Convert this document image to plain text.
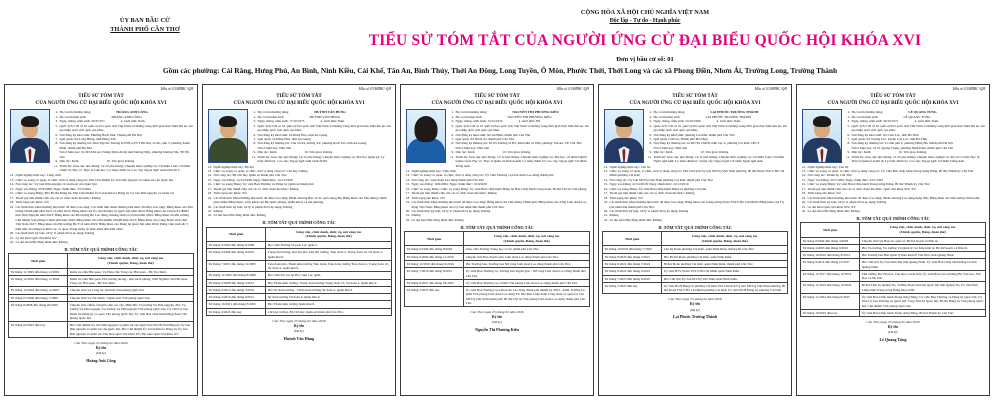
ỦY BAN BẦU CỬ
THÀNH PHỐ CẦN THƠ
CỘNG HÒA XÃ HỘI CHỦ NGHĨA VIỆT NAM
Độc lập - Tự do - Hạnh phúc
TIỂU SỬ TÓM TẮT CỦA NGƯỜI ỨNG CỬ ĐẠI BIỂU QUỐC HỘI KHÓA XVI
Đơn vị bầu cử số: 01
Gồm các phường: Cái Răng, Hưng Phú, An Bình, Ninh Kiều, Cái Khế, Tân An, Bình Thủy, Thới An Đông, Long Tuyền, Ô Môn, Phước Thới, Thới Long và các xã Phong Điền, Nhơn Ái, Trường Long, Trường Thành
Mẫu số 03/HĐBC-QH
TIỂU SỬ TÓM TẮT
CỦA NGƯỜI ỨNG CỬ ĐẠI BIỂU QUỐC HỘI KHÓA XVI
1. Họ và tên thường dùng	HOÀNG ANH CÔNG
2. Họ và tên khai sinh	HOÀNG ANH CÔNG
3. Ngày, tháng, năm sinh: 20/3/1971	4. Giới tính: Nam.
5. Quốc tịch: Chỉ có 01 quốc tịch là quốc tịch Việt Nam và không trong thời gian thực hiện thủ tục xin gia nhập quốc tịch quốc gia khác.
6. Nơi đăng ký khai sinh: Phường Bạch Mai, Thành phố Hà Nội
7. Quê quán: Xã Long Hưng, tỉnh Hưng Yên
8. Nơi đăng ký thường trú: Khu Tập thể Trường KTNN-GTVT Hà Nội, số 40, cụm 3, phường Xuân Đỉnh, thành phố Hà Nội
Nơi ở hiện nay: Số D3/L84 An Vượng (Khu đô thị mới Dương Nội), phường Dương Nội, TP. Hà Nội
9. Dân tộc: Kinh	10. Tôn giáo: Không
11. Trình độ: Giáo dục phổ thông: 12/12 phổ thông; Chuyên môn, nghiệp vụ: Cử nhân Luật; Cử nhân chính trị; Học vị: Thạc sĩ Luật học; Lý luận chính trị: Cao cấp; Ngoại ngữ: Anh trình độ C.
12. Nghề nghiệp hiện nay: Công chức
13. Chức vụ trong cơ quan, tổ chức, đơn vị đang công tác: Phó Chủ nhiệm Ủy ban Dân nguyện và Giám sát của Quốc hội
14. Nơi công tác: Ủy ban Dân nguyện và Giám sát của Quốc hội
15. Ngày vào Đảng: 25/9/2000; Ngày chính thức: 25/5/2001
16. Chức vụ trong Đảng: Phó Bí thư Đảng bộ, Phó Chủ nhiệm Ủy ban Kiểm tra Đảng ủy Ủy ban Dân nguyện và Giám sát
17. Tham gia làm thành viên của các tổ chức đoàn thể khác: Không
18. Tình trạng sức khỏe: Tốt
19. Các hình thức khen thưởng nhà nước đã được trao tặng: Các hình thức khen thưởng nhà nước đã được trao tặng: Bằng khen của Thủ tướng Chính phủ năm 2021 và năm 2023; Bằng khen của Ủy ban thường vụ Quốc hội năm 2024; Bằng khen của Chủ tịch UBND tỉnh Thái Nguyên năm 2023; Bằng khen của Bộ trưởng Bộ Lao động, thương binh và xã hội năm 2024; Bằng khen của Bộ trưởng Chủ nhiệm Văn phòng Chính phủ năm 2020; Bằng khen của Chủ nhiệm VPQH năm 2013; Bằng khen của Công Đoàn viên chức Việt Nam 2017; Bằng khen của Bộ trưởng Bộ Y tế năm 2019; Bằng khen của Đảng bộ Quốc hội năm 2024; Đảng viên xuất sắc 5 năm liền của Đảng bộ khối các cơ quan Trung ương về năm 2024 đến năm 2022.
20. Các hình thức kỷ luật, xử lý vi phạm đã bị áp dụng: Không
21. Là đại biểu Quốc hội khóa XV
22. Là đại biểu Hội đồng nhân dân: Không
II. TÓM TẮT QUÁ TRÌNH CÔNG TÁC
Thời gian	Công việc, chức danh, chức vụ, nơi công tác
(Chính quyền, Đảng, đoàn thể)
Từ tháng 11/1995 đến tháng 12/2002	Kiểm tra viên Hải quan, Vụ Pháp chế, Tổng cục Hải quan - Bộ Tài chính.
Từ tháng 12/2002 đến tháng 11/2004	Kiểm tra viên Hải quan, Phó trưởng phòng - phụ trách phòng, Viện Nghiên cứu Hải quan, Tổng cục Hải quan - Bộ Tài chính.
Từ tháng 12/2004 đến tháng 12/2007	Chuyên viên Vụ Công tác đại biểu Văn phòng Quốc hội.
Từ tháng 01/2008 đến tháng 7/2008	Chuyên viên Vụ Tài chính - Ngân sách Văn phòng Quốc hội.
Từ tháng 8/2008 đến tháng 02/2020	Chuyên viên chính, Chuyên viên cao cấp, Hàm Phó Vụ trưởng Vụ Dân nguyện, Phó Vụ trưởng Vụ Dân nguyện, Vụ trưởng Vụ Dân nguyện Văn phòng Quốc hội, Ủy viên Ủy ban Kiểm tra Đảng ủy cơ quan Văn phòng Quốc hội, Ủy viên Ban chấp hành Đảng đoàn Văn phòng Quốc hội.
Từ tháng 02/2025 đến nay	Phó Chủ nhiệm Ủy ban Dân nguyện và giám sát của Quốc hội, Phó Bí thư Đảng ủy Ủy ban Dân nguyện và giám sát của Quốc hội, Phó Chủ nhiệm Ủy ban Kiểm tra Đảng ủy Ủy ban Dân nguyện và giám sát, Đại biểu Quốc hội khóa XV, Đại biểu Quốc hội khóa XV.
Cần Thơ, ngày 25 tháng 02 năm 2026
Ký tên
(Đã ký)
Hoàng Anh Công
Mẫu số 03/HĐBC-QH
TIỂU SỬ TÓM TẮT
CỦA NGƯỜI ỨNG CỬ ĐẠI BIỂU QUỐC HỘI KHÓA XVI
1. Họ và tên thường dùng	HUỲNH VĂN HÙNG
2. Họ và tên khai sinh	HUỲNH VĂN HÙNG
3. Ngày, tháng, năm sinh: 17/10/1975	4. Giới tính: Nam.
5. Quốc tịch: Chỉ có 01 quốc tịch là quốc tịch Việt Nam và không trong thời gian thực hiện thủ tục xin gia nhập quốc tịch quốc gia khác.
6. Nơi đăng ký khai sinh: xã Đồng Hòa, tỉnh An Giang
7. Quê quán: xã Đồng Hòa, tỉnh An Giang
8. Nơi đăng ký thường trú: Căn 5b-P4, đường 3/2, phường Rạch Giá, tỉnh An Giang
Nơi ở hiện nay: Như trên
9. Dân tộc: Kinh	10. Tôn giáo: Không
11. Trình độ: Giáo dục phổ thông: 12/12 phổ thông; Chuyên môn, nghiệp vụ: Đại học Quân sự; Lý luận chính trị: Cao cấp; Ngoại ngữ: Anh trình độ B1.
12. Nghề nghiệp hiện nay: Bộ đội
13. Chức vụ trong cơ quan, tổ chức, đơn vị đang công tác: Chỉ huy trưởng
14. Nơi công tác: Bộ Chỉ huy Quân sự thành phố Cần Thơ
15. Ngày vào Đảng: 14/12/1998; Ngày chính thức: 14/12/1999
16. Chức vụ trong Đảng: Ủy viên Ban Thường vụ Đảng ủy Quân sự thành phố
17. Tham gia làm thành viên của các tổ chức đoàn thể khác: Không
18. Tình trạng sức khỏe: Tốt
19. Các hình thức khen thưởng nhà nước đã được trao tặng: Huân chương Bảo vệ Tổ quốc hạng Ba; Bằng khen của Thủ tướng Chính phủ; nhiều Bằng khen, Giấy khen của Bộ Quốc phòng, Quân khu 9 và địa phương.
20. Các hình thức kỷ luật, xử lý vi phạm đã bị áp dụng: Không
21. Không
22. Là đại biểu Hội đồng nhân dân: Không
II. TÓM TẮT QUÁ TRÌNH CÔNG TÁC
Thời gian	Công việc, chức danh, chức vụ, nơi công tác
(Chính quyền, Đảng, đoàn thể)
Từ tháng 9/1993 đến tháng 8/1996	Học viên Trường Sĩ quan Lục quân 2.
Từ tháng 9/1996 đến tháng 6/2001	Trung đội trưởng, Đại đội phó, Đại đội trưởng, Tiểu đoàn 2, Trung đoàn 10, Sư đoàn 4, Quân khu 9.
Từ tháng 7/2001 đến tháng 10/2005	Tiểu đoàn phó, Tham mưu trưởng Tiểu đoàn, Tiểu đoàn trưởng Tiểu đoàn 2, Trung đoàn 10, Sư đoàn 4, Quân khu 9.
Từ tháng 11/2005 đến tháng 8/2008	Học viên đào tạo tại Học viện Lục quân.
Từ tháng 9/2008 đến tháng 5/2012	Phó Tham mưu trưởng, Trung đoàn trưởng Trung đoàn 10, Sư đoàn 4, Quân khu 9.
Từ tháng 6/2012 đến tháng 3/2016	Phó Sư đoàn trưởng - Tham mưu trưởng Sư đoàn 4, Quân khu 9.
Từ tháng 4/2016 đến tháng 9/2021	Sư đoàn trưởng Sư đoàn 4, Quân khu 9.
Từ tháng 10/2021 đến tháng 3/2025	Phó Tham mưu trưởng Quân khu 9.
Từ tháng 4/2025 đến nay	Chỉ huy trưởng, Bộ Chỉ huy Quân sự thành phố Cần Thơ.
Cần Thơ, ngày 25 tháng 02 năm 2026
Ký tên
(Đã ký)
Huỳnh Văn Hùng
Mẫu số 03/HĐBC-QH
TIỂU SỬ TÓM TẮT
CỦA NGƯỜI ỨNG CỬ ĐẠI BIỂU QUỐC HỘI KHÓA XVI
1. Họ và tên thường dùng	NGUYỄN THỊ PHƯƠNG KIỀU
2. Họ và tên khai sinh	NGUYỄN THỊ PHƯƠNG KIỀU
3. Ngày, tháng, năm sinh: 13/12/1976	4. Giới tính: Nữ.
5. Quốc tịch: Chỉ có 01 quốc tịch là quốc tịch Việt Nam và không trong thời gian thực hiện thủ tục xin gia nhập quốc tịch quốc gia khác.
6. Nơi đăng ký khai sinh: Xã An Bình, thành phố Cần Thơ
7. Quê quán: Xã Nhơn Ái, thành phố Cần Thơ
8. Nơi đăng ký thường trú: Số 83, Đường số B3, Khu Dân cư 91B, phường Tân An, TP. Cần Thơ
Nơi ở hiện nay: Như trên
9. Dân tộc: Kinh	10. Tôn giáo: Không
11. Trình độ: Giáo dục phổ thông: 12/12 phổ thông; Chuyên môn, nghiệp vụ: Đại học, cử nhân Người nghèo Luật; Học vị: Thạc sĩ Quản trị kinh doanh; Lý luận chính trị: Cao cấp; Ngoại ngữ: Cử nhân Tiếng Anh.
12. Nghề nghiệp hiện nay: Viên chức
13. Chức vụ trong cơ quan, tổ chức, đơn vị đang công tác: Ủy viên Thường vụ Liên đoàn Lao động thành phố
14. Nơi công tác: Liên đoàn Lao động thành phố Cần Thơ
15. Ngày vào Đảng: 10/9/2004; Ngày chính thức: 10/9/2005
16. Chức vụ trong Đảng: Chức vụ trong Đảng: Ủy viên Ban Chấp hành Đảng bộ Ban Chấp hành Công đoàn, Bí thư Chi bộ Văn phòng
17. Tham gia làm thành viên của các tổ chức đoàn thể khác: Không
18. Tình trạng sức khỏe: Tốt
19. Các hình thức khen thưởng nhà nước đã được trao tặng: Bằng khen của Thủ tướng Chính phủ; Bằng khen của Tổng Liên đoàn Lao động Việt Nam; Bằng khen của Ủy ban nhân dân thành phố Cần Thơ.
20. Các hình thức kỷ luật, xử lý vi phạm đã bị áp dụng: Không
21. Không
22. Là đại biểu Hội đồng nhân dân: Không
II. TÓM TẮT QUÁ TRÌNH CÔNG TÁC
Thời gian	Công việc, chức danh, chức vụ, nơi công tác
(Chính quyền, Đảng, đoàn thể)
Từ tháng 9/1999 đến tháng 8/2004	Giáo viên Trường Trung học cơ sở, thành phố Cần Thơ.
Từ tháng 9/2004 đến tháng 11/2010	Chuyên viên Ban Tuyên giáo Liên đoàn Lao động thành phố Cần Thơ.
Từ tháng 12/2010 đến tháng 6/2016	Phó Trưởng ban, Trưởng ban Nữ công Liên đoàn Lao động thành phố Cần Thơ.
Từ tháng 7/2016 đến tháng 8/2021	Ủy viên Ban Thường vụ, Trưởng ban Tuyên giáo - Nữ công Liên đoàn Lao động thành phố Cần Thơ.
Từ tháng 9/2021 đến tháng 02/2025	Ủy viên Ban Thường vụ, Chánh Văn phòng Liên đoàn Lao động thành phố Cần Thơ.
Từ tháng 3/2025 đến nay	Ủy viên Ban Thường vụ Liên đoàn Lao động thành phố nhiệm kỳ 2023 - 2028, Trưởng bộ phận Văn phòng Liên đoàn Lao động TP, Phó Ban Chấp hành Công đoàn cơ quan Ủy ban MTTQ Việt Nam thành phố; Bí thư Chi bộ Văn phòng Liên đoàn Lao động thành phố Cần Thơ.
Cần Thơ, ngày 25 tháng 02 năm 2026
Ký tên
(Đã ký)
Nguyễn Thị Phương Kiều
Mẫu số 03/HĐBC-QH
TIỂU SỬ TÓM TẮT
CỦA NGƯỜI ỨNG CỬ ĐẠI BIỂU QUỐC HỘI KHÓA XVI
1. Họ và tên thường dùng	LẠI PHƯỚC TRƯỜNG THÀNH
2. Họ và tên khai sinh	LẠI PHƯỚC TRƯỜNG THÀNH
3. Ngày, tháng, năm sinh: 24/10/1996	4. Giới tính: Nam.
5. Quốc tịch: Chỉ có 01 quốc tịch là quốc tịch Việt Nam và không trong thời gian thực hiện thủ tục xin gia nhập quốc tịch quốc gia khác.
6. Nơi đăng ký khai sinh: phường Cái Khế, thành phố Cần Thơ
7. Quê quán: Cẩm Lệ, Thành phố Đà Nẵng
8. Nơi đăng ký thường trú: số 487/39 CMT8, Khu vực 4, phường Cái Khế, TP.CT
Nơi ở hiện nay: Như trên
9. Dân tộc: Kinh	10. Tôn giáo: Không
11. Trình độ: Giáo dục phổ thông: 12/12 phổ thông; Chuyên môn, nghiệp vụ: Cử nhân Luật; Cử nhân Ngôn ngữ Anh; Lý luận chính trị: Trung cấp; Ngoại ngữ: Cử nhân Ngôn ngữ Anh.
12. Nghề nghiệp hiện nay: Cán bộ
13. Chức vụ trong cơ quan, tổ chức, đơn vị đang công tác: Phó Chủ tịch Ủy ban MTTQ Việt Nam phường, Bí thư Đoàn TNCS Hồ Chí Minh phường Cái Khế
14. Nơi công tác: Ủy ban MTTQ Việt Nam phường Cái Khế, thành phố Cần Thơ
15. Ngày vào Đảng: 22/12/2018; Ngày chính thức: 22/12/2019
16. Chức vụ trong Đảng: Ủy viên Ban Chấp hành Đảng bộ phường Cái Khế
17. Tham gia làm thành viên của các tổ chức đoàn thể khác: Không
18. Tình trạng sức khỏe: Tốt
19. Các hình thức khen thưởng nhà nước đã được trao tặng: Bằng khen của Trung ương Đoàn TNCS Hồ Chí Minh; Bằng khen của Ủy ban nhân dân thành phố Cần Thơ.
20. Các hình thức kỷ luật, xử lý vi phạm đã bị áp dụng: Không
21. Không
22. Là đại biểu Hội đồng nhân dân: Không
II. TÓM TẮT QUÁ TRÌNH CÔNG TÁC
Thời gian	Công việc, chức danh, chức vụ, nơi công tác
(Chính quyền, Đảng, đoàn thể)
Từ tháng 10/2018 đến tháng 7/2020	Cán bộ Đoàn phường Cái Khế, quận Ninh Kiều, thành phố Cần Thơ.
Từ tháng 8/2020 đến tháng 5/2021	Phó Bí thư Đoàn phường Cái Khế, quận Ninh Kiều.
Từ tháng 6/2021 đến tháng 7/2022	Bí thư Đoàn phường Cái Khế, quận Ninh Kiều, thành phố Cần Thơ.
Từ tháng 8/2022 đến tháng 6/2023	Ủy viên BTV Đoàn TNCS Hồ Chí Minh quận Ninh Kiều.
Từ tháng 7/2023 đến tháng 6/2025	Phó Chủ tịch Ủy ban MTTQ Việt Nam quận Ninh Kiều.
Từ tháng 7/2025 đến nay	Ủy viên BCH Đảng bộ phường Cái Khế, Phó Chủ tịch Ủy ban MTTQ Việt Nam phường, Bí thư Đoàn TNCS Hồ Chí Minh phường Cái Khế; Ủy viên BCH Đảng bộ phường Cái Khế.
Cần Thơ, ngày 25 tháng 02 năm 2026
Ký tên
(Đã ký)
Lại Phước Trường Thành
Mẫu số 03/HĐBC-QH
TIỂU SỬ TÓM TẮT
CỦA NGƯỜI ỨNG CỬ ĐẠI BIỂU QUỐC HỘI KHÓA XVI
1. Họ và tên thường dùng	LÊ QUANG TÙNG
2. Họ và tên khai sinh	LÊ QUANG TÙNG
3. Ngày, tháng, năm sinh: 30/10/1971	4. Giới tính: Nam.
5. Quốc tịch: Chỉ có 01 quốc tịch là quốc tịch Việt Nam và không trong thời gian thực hiện thủ tục xin gia nhập quốc tịch quốc gia khác.
6. Nơi đăng ký khai sinh: Xã Cam Lộc, tỉnh Hà Tĩnh
7. Quê quán: Xã Vượng Lộc, huyện Can Lộc, tỉnh Hà Tĩnh
8. Nơi đăng ký thường trú: Tổ dân phố 4, phường Hồng Hà, thành phố Hà Nội
Nơi ở hiện nay: số 01 Quang Trung, phường Ninh Kiều, thành phố Cần Thơ
9. Dân tộc: Kinh	10. Tôn giáo: Không
11. Trình độ: Giáo dục phổ thông: 12/12 phổ thông; Chuyên môn, nghiệp vụ: Kỹ sư Cơ khí; Học vị: Tiến sĩ Quản trị Kinh tế; Lý luận chính trị: Cao cấp; Ngoại ngữ: Cử nhân Tiếng Anh.
12. Nghề nghiệp hiện nay: Cán bộ
13. Chức vụ trong cơ quan, tổ chức, đơn vị đang công tác: Ủy viên Ban chấp hành Trung ương Đảng, Bí thư Thành ủy Cần Thơ
14. Nơi công tác: Thành ủy Cần Thơ
15. Ngày vào Đảng: 23/7/1996; Ngày chính thức: 23/7/1997
16. Chức vụ trong Đảng: Ủy viên Ban Chấp hành Trung ương Đảng, Bí thư Thành ủy Cần Thơ
17. Tham gia làm thành viên của các tổ chức đoàn thể khác: Quốc hội khóa XIV, XV
18. Tình trạng sức khỏe: Tốt
19. Các hình thức khen thưởng nhà nước đã được trao tặng: Huân chương Lao động hạng Nhì; Bằng khen của Thủ tướng Chính phủ.
20. Các hình thức kỷ luật, xử lý vi phạm đã bị áp dụng: Không
21. Là đại biểu Quốc hội khóa XIV, XV
22. Là đại biểu Hội đồng nhân dân: Không
II. TÓM TẮT QUÁ TRÌNH CÔNG TÁC
Thời gian	Công việc, chức danh, chức vụ, nơi công tác
(Chính quyền, Đảng, đoàn thể)
Từ tháng 8/1994 đến tháng 3/2003	Chuyên viên Vụ Hợp tác quốc tế, Bộ Kế hoạch và Đầu tư.
Từ tháng 4/2003 đến tháng 9/2010	Phó Vụ trưởng, Vụ trưởng Vụ Quản lý các Khu kinh tế, Bộ Kế hoạch và Đầu tư.
Từ tháng 10/2010 đến tháng 8/2014	Phó Trưởng ban Ban Quản lý Khu kinh tế Vân Đồn, tỉnh Quảng Ninh.
Từ tháng 9/2014 đến tháng 10/2017	Phó Chủ tịch Ủy ban nhân dân tỉnh Quảng Ninh, Ủy viên Ban Chấp hành Đảng bộ tỉnh Quảng Ninh.
Từ tháng 11/2017 đến tháng 10/2019	Thứ trưởng Bộ Văn hóa, Thể thao và Du lịch; Ủy viên Ban Cán sự Đảng Bộ Văn hóa, Thể thao và Du lịch.
Từ tháng 11/2019 đến tháng 10/2024	Bí thư Tỉnh ủy Quảng Trị, Trưởng Đoàn đại biểu Quốc hội tỉnh Quảng Trị, Ủy viên Ban Chấp hành Trung ương Đảng khóa XIII.
Từ tháng 11/2024 đến tháng 9/2025	Ủy viên Ban Chấp hành Trung ương Đảng, Ủy viên Ban Thường vụ Đảng ủy Quốc hội, Ủy viên Ủy ban Thường vụ Quốc hội, Tổng Thư ký Quốc hội, Bí thư Đảng ủy Văn phòng Quốc hội, Chủ nhiệm Văn phòng Quốc hội.
Từ tháng 10/2025 đến nay	Ủy viên Ban Chấp hành Trung ương Đảng, Bí thư Thành ủy Cần Thơ.
Cần Thơ, ngày 25 tháng 02 năm 2026
Ký tên
(Đã ký)
Lê Quang Tùng
